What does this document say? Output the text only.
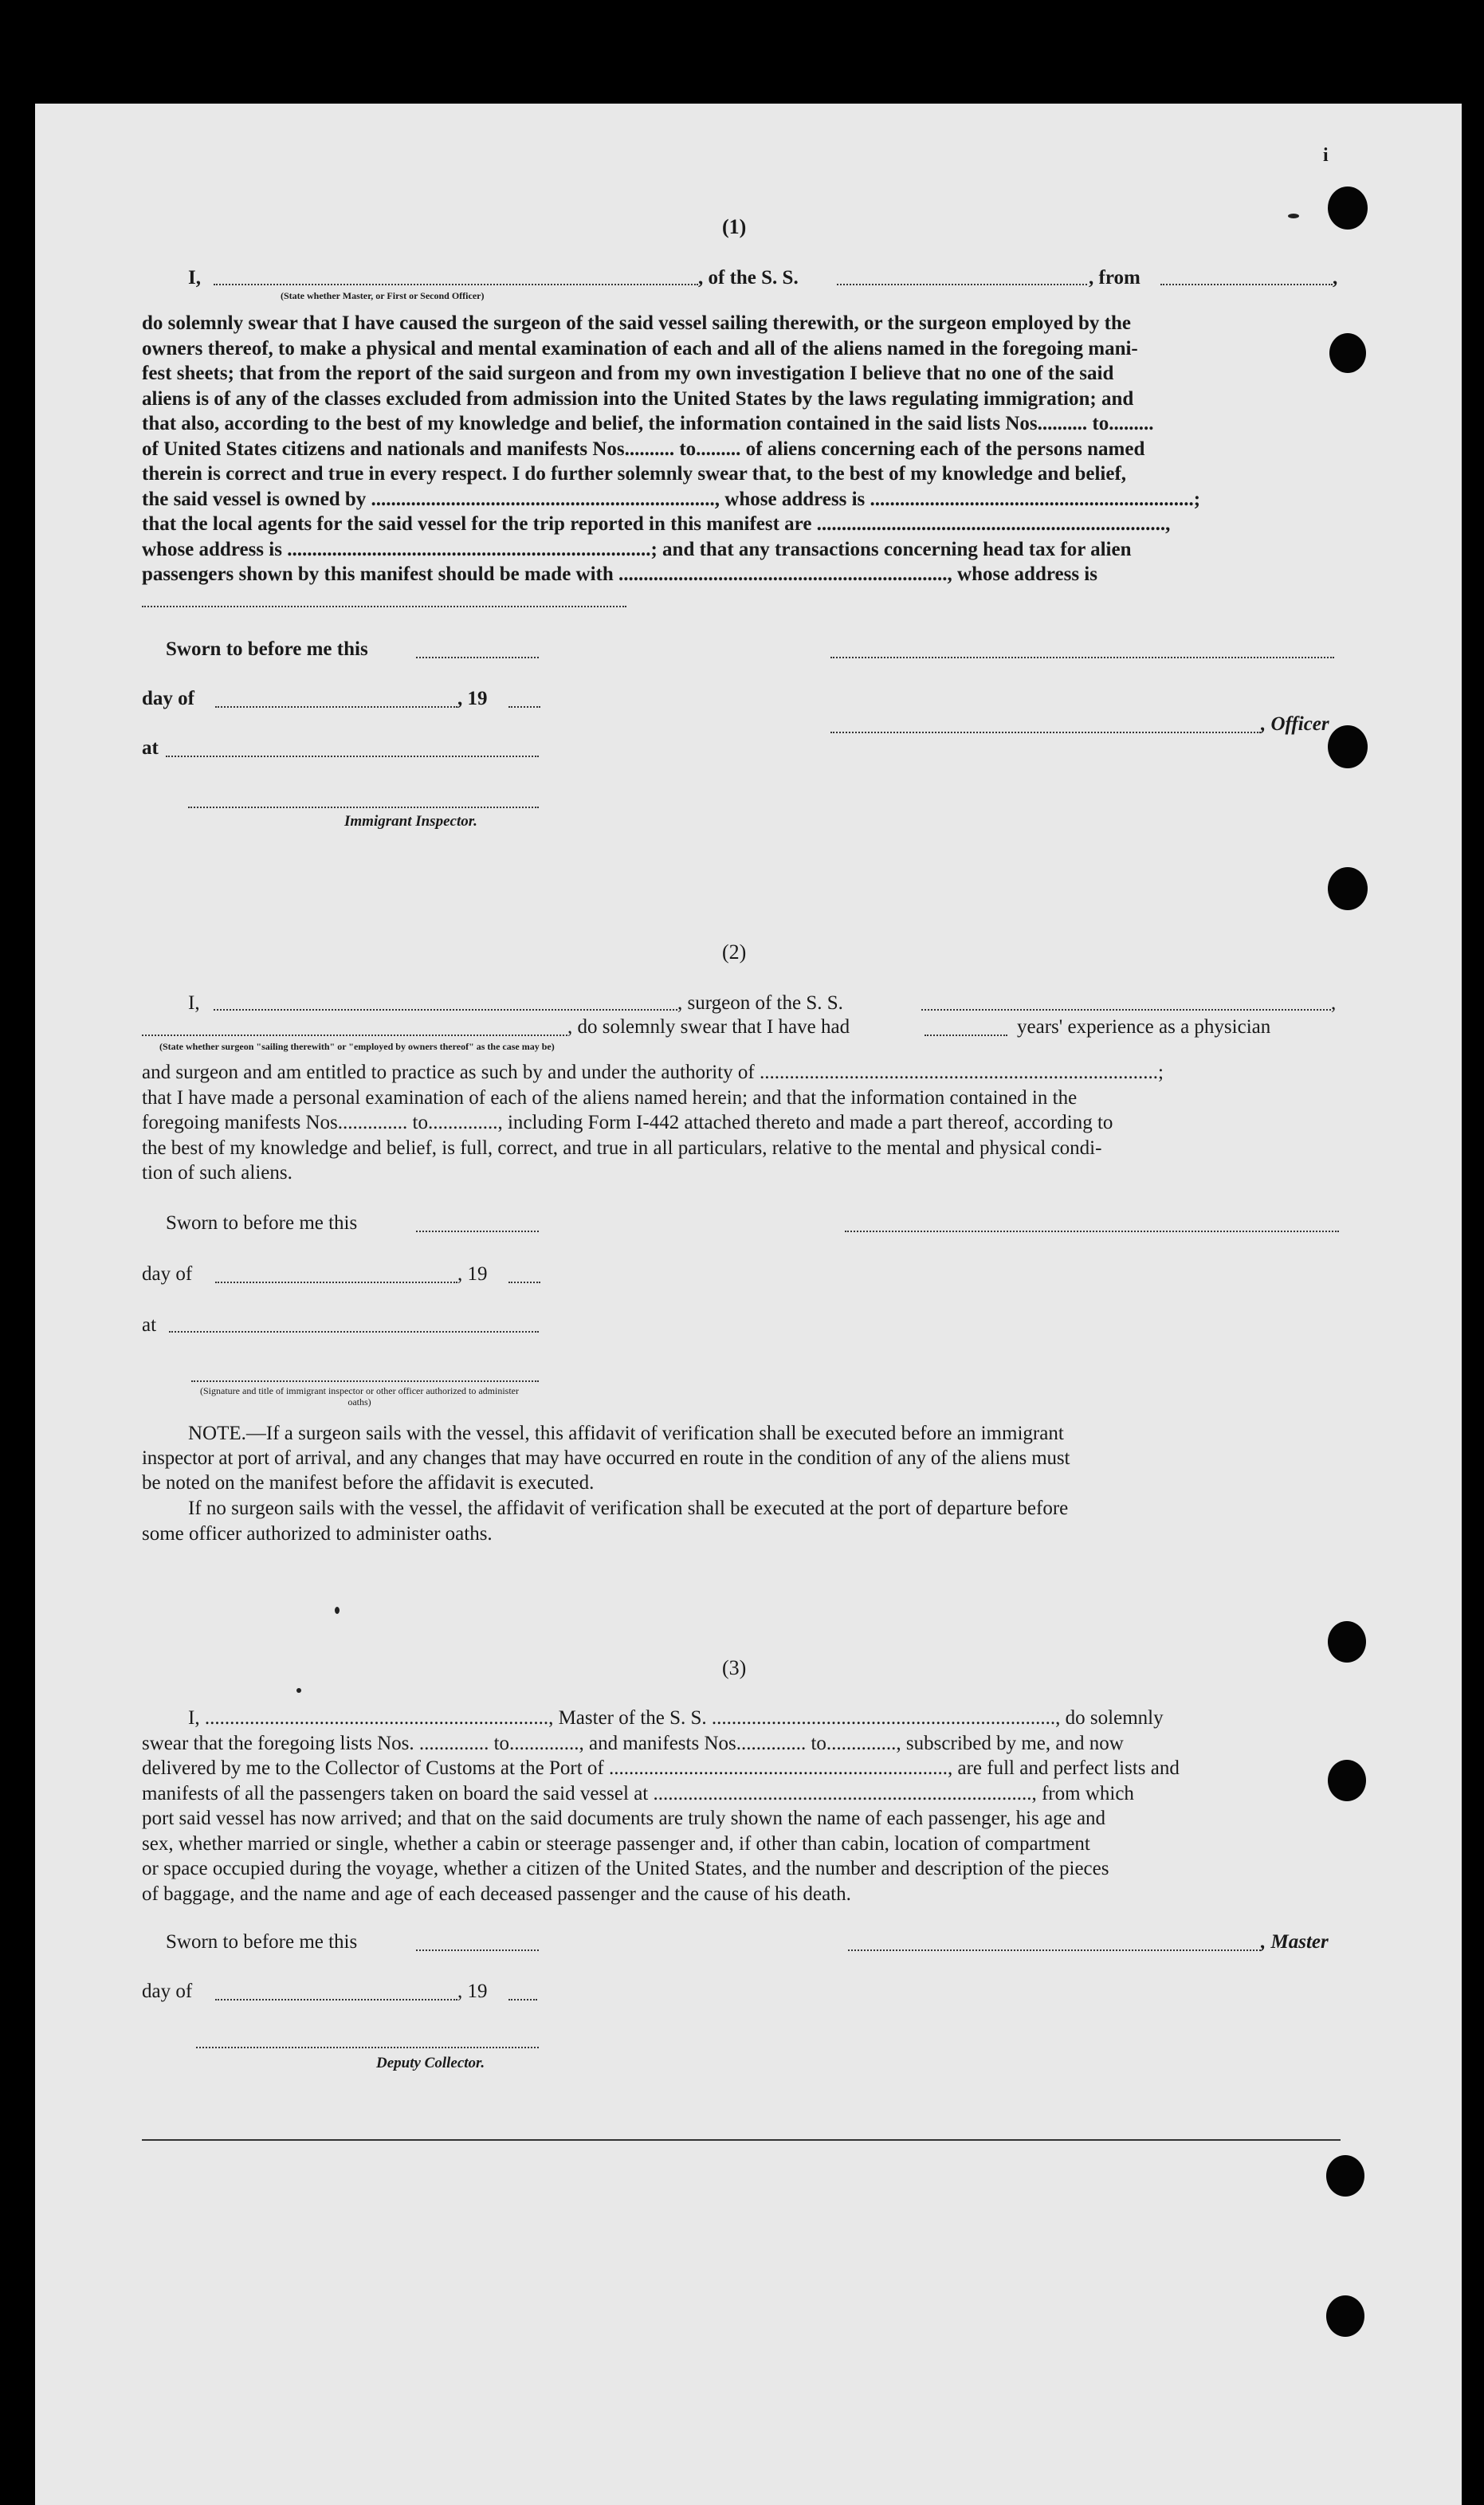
i
(1)
I,	, of the S. S.	, from	,
(State whether Master, or First or Second Officer)
do solemnly swear that I have caused the surgeon of the said vessel sailing therewith, or the surgeon employed by the
owners thereof, to make a physical and mental examination of each and all of the aliens named in the foregoing mani-
fest sheets; that from the report of the said surgeon and from my own investigation I believe that no one of the said
aliens is of any of the classes excluded from admission into the United States by the laws regulating immigration; and
that also, according to the best of my knowledge and belief, the information contained in the said lists Nos.......... to.........
of United States citizens and nationals and manifests Nos.......... to......... of aliens concerning each of the persons named
therein is correct and true in every respect. I do further solemnly swear that, to the best of my knowledge and belief,
the said vessel is owned by ....................................................................., whose address is .................................................................;
that the local agents for the said vessel for the trip reported in this manifest are ......................................................................,
whose address is .........................................................................; and that any transactions concerning head tax for alien
passengers shown by this manifest should be made with .................................................................., whose address is
Sworn to before me this
day of	, 19
, Officer
at
Immigrant Inspector.
(2)
I,	, surgeon of the S. S.	,
, do solemnly swear that I have had	years' experience as a physician
(State whether surgeon "sailing therewith" or "employed by owners thereof" as the case may be)
and surgeon and am entitled to practice as such by and under the authority of ................................................................................;
that I have made a personal examination of each of the aliens named herein; and that the information contained in the
foregoing manifests Nos.............. to.............., including Form I-442 attached thereto and made a part thereof, according to
the best of my knowledge and belief, is full, correct, and true in all particulars, relative to the mental and physical condi-
tion of such aliens.
Sworn to before me this
day of	, 19
at
(Signature and title of immigrant inspector or other officer authorized to administer oaths)
NOTE.—If a surgeon sails with the vessel, this affidavit of verification shall be executed before an immigrant
inspector at port of arrival, and any changes that may have occurred en route in the condition of any of the aliens must
be noted on the manifest before the affidavit is executed.
If no surgeon sails with the vessel, the affidavit of verification shall be executed at the port of departure before
some officer authorized to administer oaths.
(3)
I, ....................................................................., Master of the S. S. ....................................................................., do solemnly
swear that the foregoing lists Nos. .............. to.............., and manifests Nos.............. to.............., subscribed by me, and now
delivered by me to the Collector of Customs at the Port of ...................................................................., are full and perfect lists and
manifests of all the passengers taken on board the said vessel at ............................................................................, from which
port said vessel has now arrived; and that on the said documents are truly shown the name of each passenger, his age and
sex, whether married or single, whether a cabin or steerage passenger and, if other than cabin, location of compartment
or space occupied during the voyage, whether a citizen of the United States, and the number and description of the pieces
of baggage, and the name and age of each deceased passenger and the cause of his death.
Sworn to before me this	, Master
day of	, 19
Deputy Collector.
